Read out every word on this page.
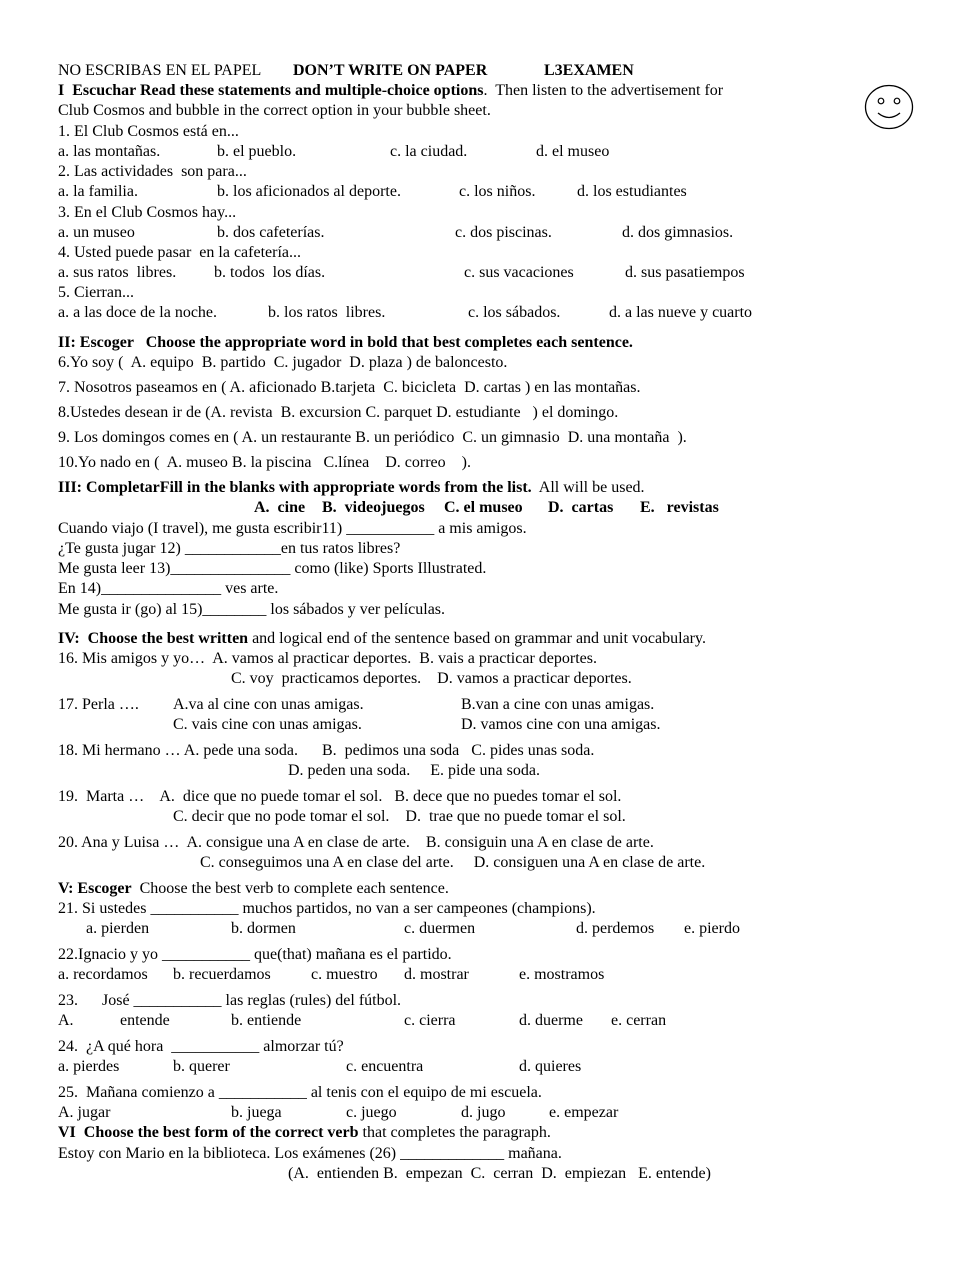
NO ESCRIBAS EN EL PAPEL DON’T WRITE ON PAPER	L3EXAMEN
I  Escuchar Read these statements and multiple-choice options.  Then listen to the advertisement for
Club Cosmos and bubble in the correct option in your bubble sheet.
1. El Club Cosmos está en...
a. las montañas.	b. el pueblo.	c. la ciudad.	d. el museo
2. Las actividades  son para...
a. la familia.	b. los aficionados al deporte.	c. los niños.	d. los estudiantes
3. En el Club Cosmos hay...
a. un museo	b. dos cafeterías.	c. dos piscinas.	d. dos gimnasios.
4. Usted puede pasar  en la cafetería...
a. sus ratos  libres. b. todos  los días.	c. sus vacaciones	d. sus pasatiempos
5. Cierran...
a. a las doce de la noche.	b. los ratos  libres.	c. los sábados.	d. a las nueve y cuarto
II: Escoger   Choose the appropriate word in bold that best completes each sentence.
6.Yo soy (  A. equipo  B. partido  C. jugador  D. plaza ) de baloncesto.
7. Nosotros paseamos en ( A. aficionado B.tarjeta  C. bicicleta  D. cartas ) en las montañas.
8.Ustedes desean ir de (A. revista  B. excursion C. parquet D. estudiante   ) el domingo.
9. Los domingos comes en ( A. un restaurante B. un periódico  C. un gimnasio  D. una montaña  ).
10.Yo nado en (  A. museo B. la piscina   C.línea    D. correo    ).
III: CompletarFill in the blanks with appropriate words from the list.  All will be used.
A.  cine B.  videojuegos C. el museo D.  cartas E.   revistas
Cuando viajo (I travel), me gusta escribir11) ___________ a mis amigos.
¿Te gusta jugar 12) ____________en tus ratos libres?
Me gusta leer 13)_______________ como (like) Sports Illustrated.
En 14)_______________ ves arte.
Me gusta ir (go) al 15)________ los sábados y ver películas.
IV:  Choose the best written and logical end of the sentence based on grammar and unit vocabulary.
16. Mis amigos y yo…  A. vamos al practicar deportes.  B. vais a practicar deportes.
C. voy  practicamos deportes.    D. vamos a practicar deportes.
17. Perla …. A.va al cine con unas amigas.	B.van a cine con unas amigas.
C. vais cine con unas amigas.	D. vamos cine con una amigas.
18. Mi hermano … A. pede una soda.      B.  pedimos una soda   C. pides unas soda.
D. peden una soda.     E. pide una soda.
19.  Marta …    A.  dice que no puede tomar el sol.   B. dece que no puedes tomar el sol.
C. decir que no pode tomar el sol.    D.  trae que no puede tomar el sol.
20. Ana y Luisa …  A. consigue una A en clase de arte.    B. consiguin una A en clase de arte.
C. conseguimos una A en clase del arte.     D. consiguen una A en clase de arte.
V: Escoger  Choose the best verb to complete each sentence.
21. Si ustedes ___________ muchos partidos, no van a ser campeones (champions).
a. pierden	b. dormen	c. duermen	d. perdemos e. pierdo
22.Ignacio y yo ___________ que(that) mañana es el partido.
a. recordamos b. recuerdamos	c. muestro d. mostrar	e. mostramos
23. José ___________ las reglas (rules) del fútbol.
A.	entende	b. entiende	c. cierra	d. duerme e. cerran
24.  ¿A qué hora  ___________ almorzar tú?
a. pierdes	b. querer	c. encuentra	d. quieres
25.  Mañana comienzo a ___________ al tenis con el equipo de mi escuela.
A. jugar	b. juega	c. juego	d. jugo	e. empezar
VI  Choose the best form of the correct verb that completes the paragraph.
Estoy con Mario en la biblioteca. Los exámenes (26) _____________ mañana.
(A.  entienden B.  empezan  C.  cerran  D.  empiezan   E. entende)
